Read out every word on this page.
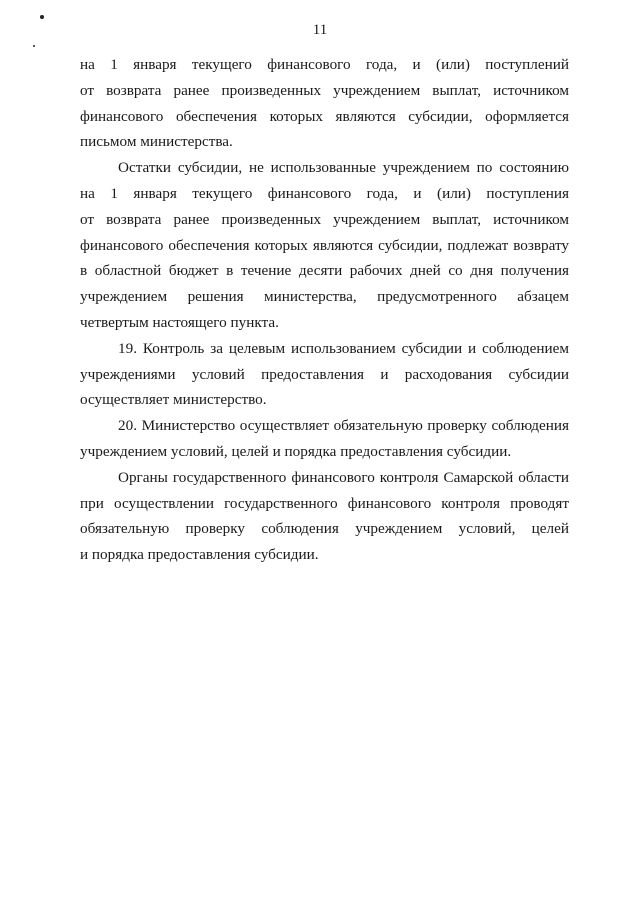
11
на 1 января текущего финансового года, и (или) поступлений
от возврата ранее произведенных учреждением выплат, источником
финансового обеспечения которых являются субсидии, оформляется
письмом министерства.
Остатки субсидии, не использованные учреждением по состоянию
на 1 января текущего финансового года, и (или) поступления
от возврата ранее произведенных учреждением выплат, источником
финансового обеспечения которых являются субсидии, подлежат возврату
в областной бюджет в течение десяти рабочих дней со дня получения
учреждением решения министерства, предусмотренного абзацем
четвертым настоящего пункта.
19. Контроль за целевым использованием субсидии и соблюдением
учреждениями условий предоставления и расходования субсидии
осуществляет министерство.
20. Министерство осуществляет обязательную проверку соблюдения
учреждением условий, целей и порядка предоставления субсидии.
Органы государственного финансового контроля Самарской области
при осуществлении государственного финансового контроля проводят
обязательную проверку соблюдения учреждением условий, целей
и порядка предоставления субсидии.
